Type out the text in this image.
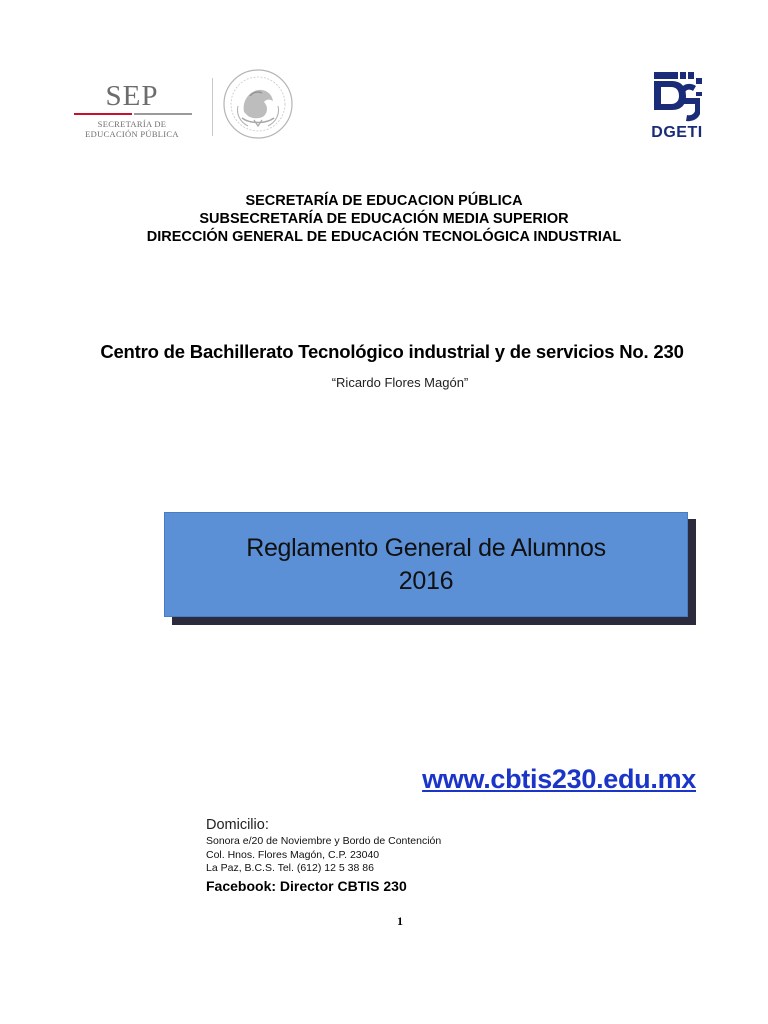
SEP
SECRETARÍA DE
EDUCACIÓN PÚBLICA	DGETI
SECRETARÍA DE EDUCACION PÚBLICA
SUBSECRETARÍA DE EDUCACIÓN MEDIA SUPERIOR
DIRECCIÓN GENERAL DE EDUCACIÓN TECNOLÓGICA INDUSTRIAL
Centro de Bachillerato Tecnológico industrial y de servicios No. 230
“Ricardo Flores Magón”
Reglamento General de Alumnos
2016
www.cbtis230.edu.mx
Domicilio:
Sonora e/20 de Noviembre y Bordo de Contención
Col. Hnos. Flores Magón, C.P. 23040
La Paz, B.C.S. Tel. (612) 12 5 38 86
Facebook: Director CBTIS 230
1
